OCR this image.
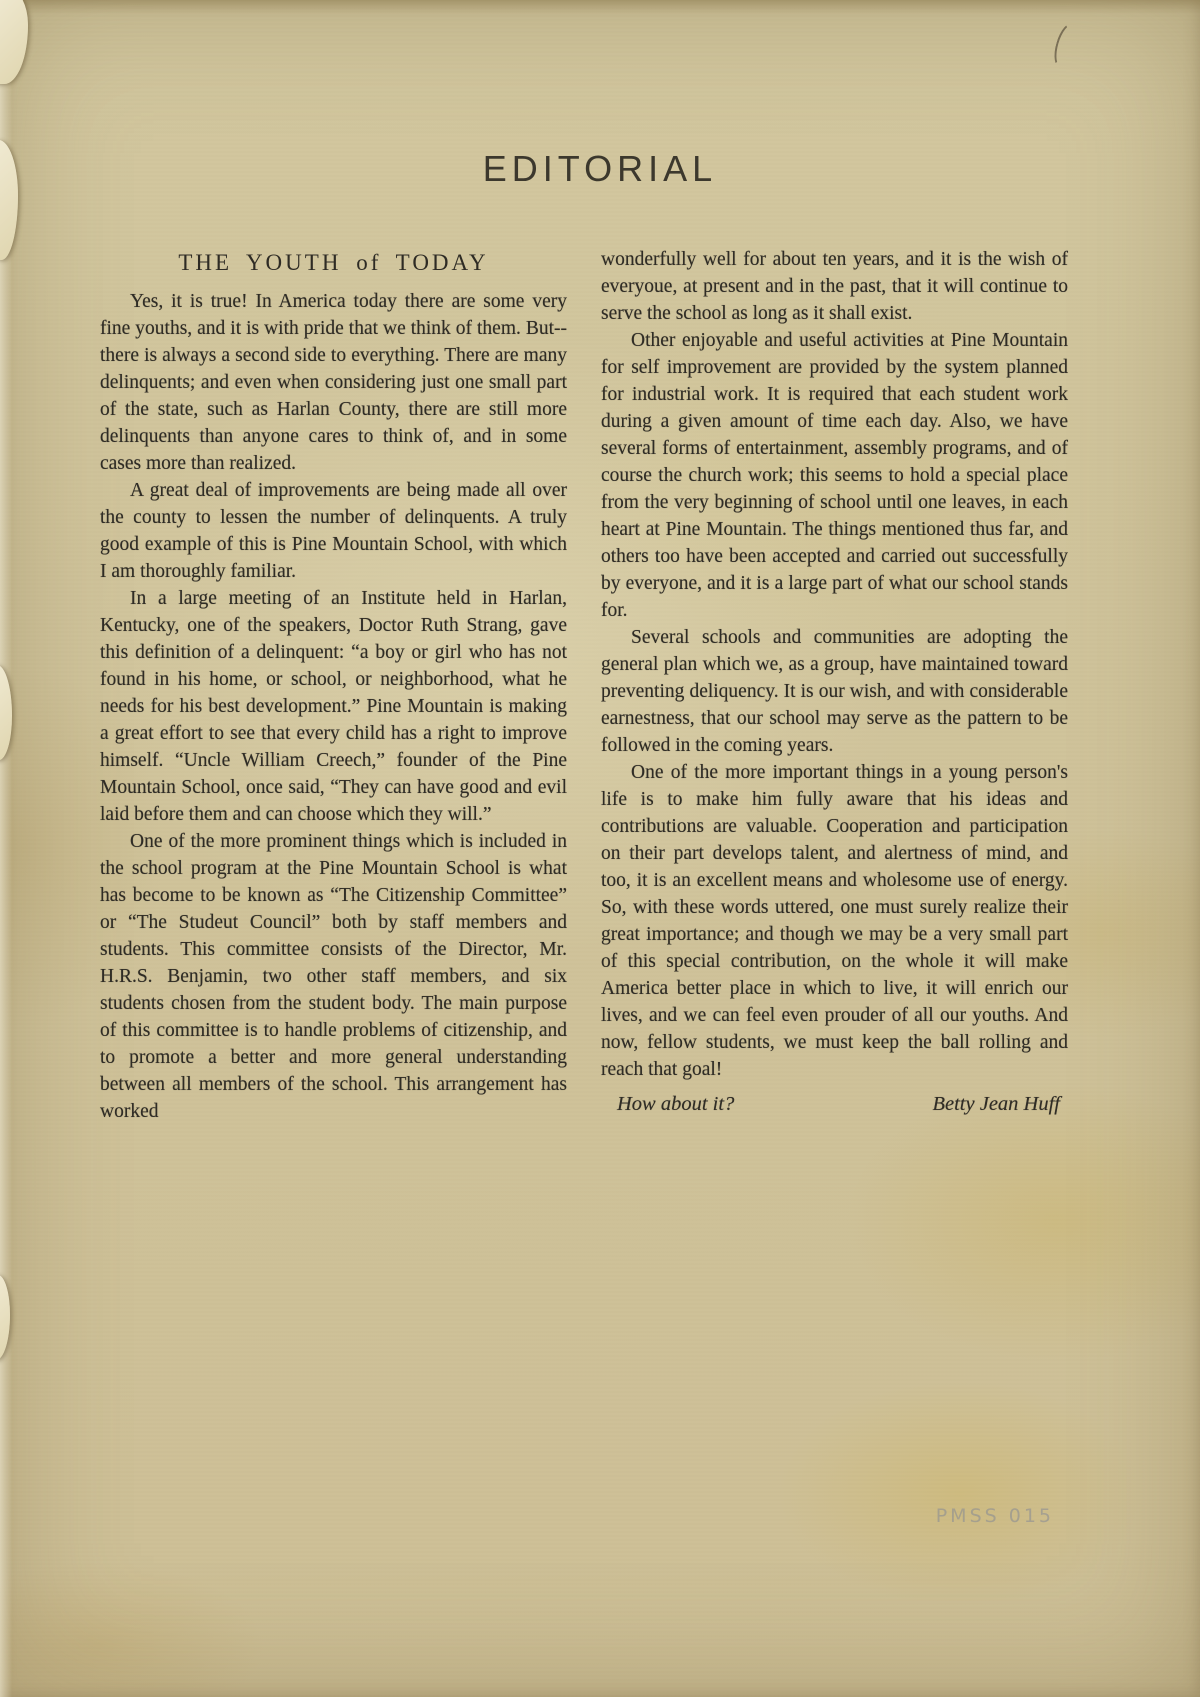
EDITORIAL
THE YOUTH of TODAY

Yes, it is true! In America today there are some very fine youths, and it is with pride that we think of them. But--there is always a second side to everything. There are many delinquents; and even when considering just one small part of the state, such as Harlan County, there are still more delinquents than anyone cares to think of, and in some cases more than realized.

A great deal of improvements are being made all over the county to lessen the number of delinquents. A truly good example of this is Pine Mountain School, with which I am thoroughly familiar.

In a large meeting of an Institute held in Harlan, Kentucky, one of the speakers, Doctor Ruth Strang, gave this definition of a delinquent: “a boy or girl who has not found in his home, or school, or neighborhood, what he needs for his best development.” Pine Mountain is making a great effort to see that every child has a right to improve himself. “Uncle William Creech,” founder of the Pine Mountain School, once said, “They can have good and evil laid before them and can choose which they will.”

One of the more prominent things which is included in the school program at the Pine Mountain School is what has become to be known as “The Citizenship Committee” or “The Studeut Council” both by staff members and students. This committee consists of the Director, Mr. H.R.S. Benjamin, two other staff members, and six students chosen from the student body. The main purpose of this committee is to handle problems of citizenship, and to promote a better and more general understanding between all members of the school. This arrangement has worked

wonderfully well for about ten years, and it is the wish of everyoue, at present and in the past, that it will continue to serve the school as long as it shall exist.

Other enjoyable and useful activities at Pine Mountain for self improvement are provided by the system planned for industrial work. It is required that each student work during a given amount of time each day. Also, we have several forms of entertainment, assembly programs, and of course the church work; this seems to hold a special place from the very beginning of school until one leaves, in each heart at Pine Mountain. The things mentioned thus far, and others too have been accepted and carried out successfully by everyone, and it is a large part of what our school stands for.

Several schools and communities are adopting the general plan which we, as a group, have maintained toward preventing deliquency. It is our wish, and with considerable earnestness, that our school may serve as the pattern to be followed in the coming years.

One of the more important things in a young person's life is to make him fully aware that his ideas and contributions are valuable. Cooperation and participation on their part develops talent, and alertness of mind, and too, it is an excellent means and wholesome use of energy. So, with these words uttered, one must surely realize their great importance; and though we may be a very small part of this special contribution, on the whole it will make America better place in which to live, it will enrich our lives, and we can feel even prouder of all our youths. And now, fellow students, we must keep the ball rolling and reach that goal!

How about it?	Betty Jean Huff
PMSS 015
